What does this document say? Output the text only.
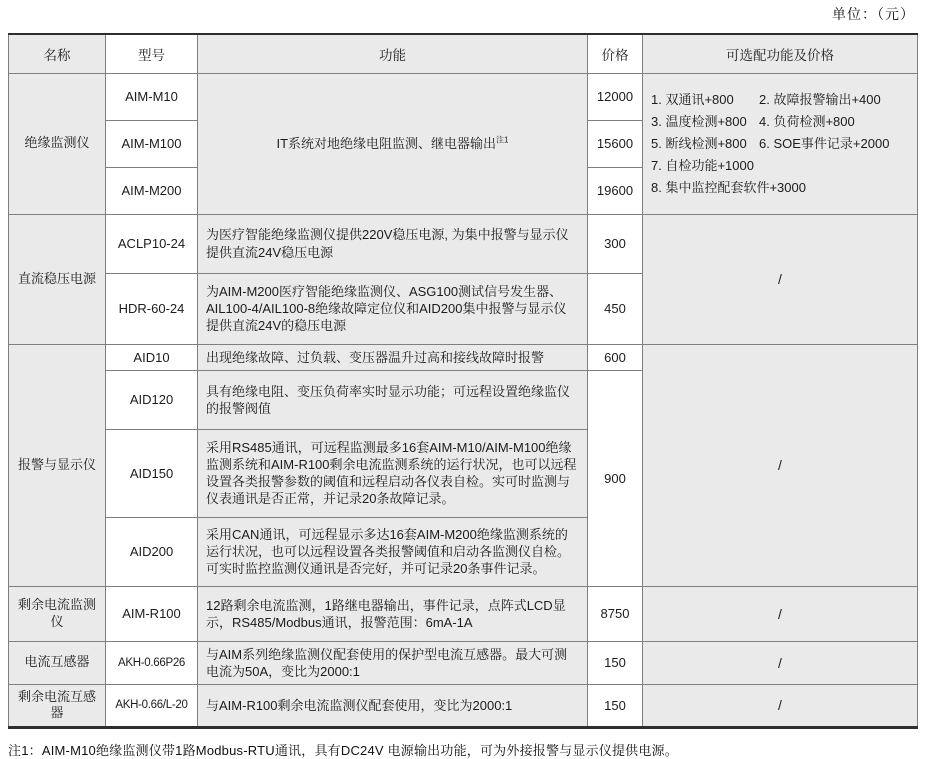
单位：（元）
名称	型号	功能	价格	可选配功能及价格
绝缘监测仪	AIM-M10	IT系统对地绝缘电阻监测、继电器输出$^{注1}$	12000	1. 双通讯+800	2. 故障报警输出+400
3. 温度检测+800 4. 负荷检测+800
5. 断线检测+800 6. SOE事件记录+2000
7. 自检功能+1000
8. 集中监控配套软件+3000

	AIM-M100		15600	
	AIM-M200		19600	
直流稳压电源	ACLP10-24	为医疗智能绝缘监测仪提供220V稳压电源, 为集中报警与显示仪提供直流24V稳压电源	300	/
	HDR-60-24	为AIM-M200医疗智能绝缘监测仪、ASG100测试信号发生器、AIL100-4/AIL100-8绝缘故障定位仪和AID200集中报警与显示仪提供直流24V的稳压电源	450	
报警与显示仪	AID10	出现绝缘故障、过负载、变压器温升过高和接线故障时报警	600	/
	AID120	具有绝缘电阻、变压负荷率实时显示功能；可远程设置绝缘监仪的报警阀值	900	
	AID150	采用RS485通讯，可远程监测最多16套AIM-M10/AIM-M100绝缘监测系统和AIM-R100剩余电流监测系统的运行状况，也可以远程设置各类报警参数的阈值和远程启动各仪表自检。实可时监测与仪表通讯是否正常，并记录20条故障记录。		
	AID200	采用CAN通讯，可远程显示多达16套AIM-M200绝缘监测系统的运行状况，也可以远程设置各类报警阈值和启动各监测仪自检。可实时监控监测仪通讯是否完好，并可记录20条事件记录。		
剩余电流监测仪	AIM-R100	12路剩余电流监测，1路继电器输出，事件记录，点阵式LCD显示，RS485/Modbus通讯，报警范围：6mA-1A	8750	/
电流互感器	AKH-0.66P26	与AIM系列绝缘监测仪配套使用的保护型电流互感器。最大可测电流为50A，变比为2000:1	150	/
剩余电流互感器	AKH-0.66/L-20	与AIM-R100剩余电流监测仪配套使用，变比为2000:1	150	/
注1：AIM-M10绝缘监测仪带1路Modbus-RTU通讯，具有DC24V 电源输出功能，可为外接报警与显示仪提供电源。
